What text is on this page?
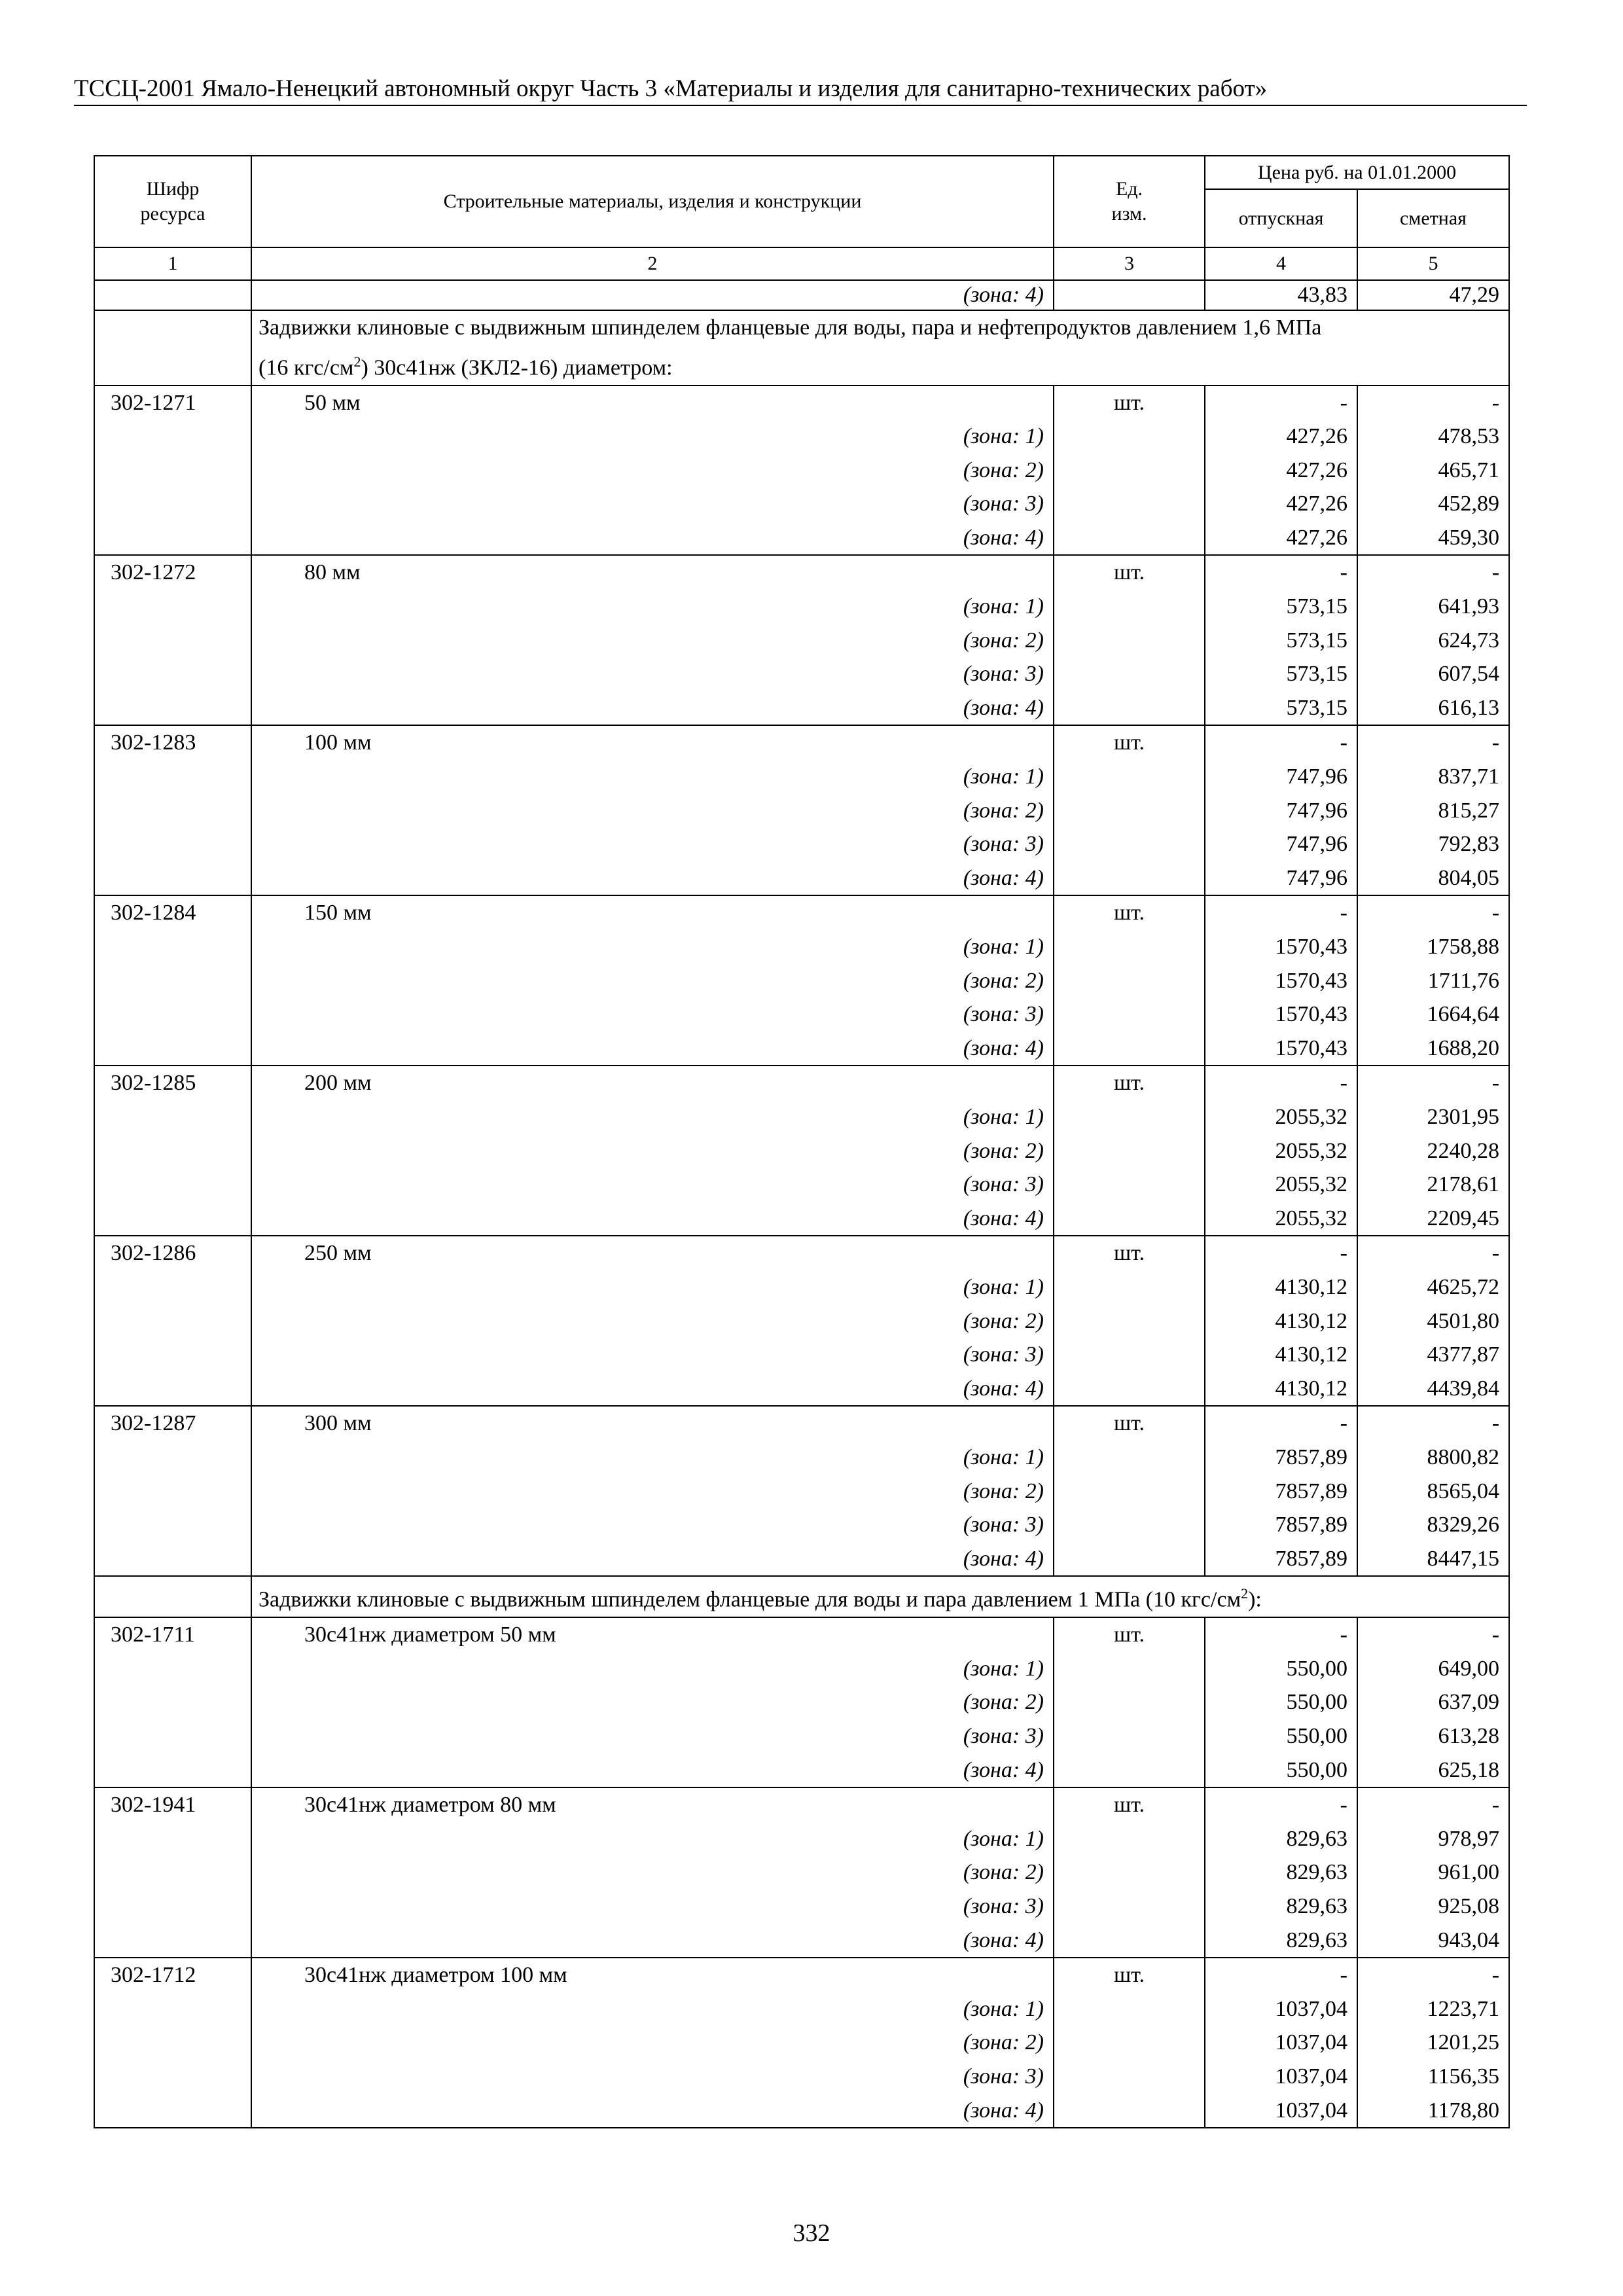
ТССЦ-2001 Ямало-Ненецкий автономный округ Часть 3 «Материалы и изделия для санитарно-технических работ»
Шифр ресурса	Строительные материалы, изделия и конструкции	Ед. изм.	Цена руб. на 01.01.2000	
			отпускная	сметная
1	2	3	4	5
	(зона: 4)		43,83	47,29
	Задвижки клиновые с выдвижным шпинделем фланцевые для воды, пара и нефтепродуктов давлением 1,6 МПа
(16 кгс/$см^2$) 30с41нж (ЗКЛ2-16) диаметром:			
302-1271	50 мм	шт.	-	-
	(зона: 1)		427,26	478,53
	(зона: 2)		427,26	465,71
	(зона: 3)		427,26	452,89
	(зона: 4)		427,26	459,30
302-1272	80 мм	шт.	-	-
	(зона: 1)		573,15	641,93
	(зона: 2)		573,15	624,73
	(зона: 3)		573,15	607,54
	(зона: 4)		573,15	616,13
302-1283	100 мм	шт.	-	-
	(зона: 1)		747,96	837,71
	(зона: 2)		747,96	815,27
	(зона: 3)		747,96	792,83
	(зона: 4)		747,96	804,05
302-1284	150 мм	шт.	-	-
	(зона: 1)		1570,43	1758,88
	(зона: 2)		1570,43	1711,76
	(зона: 3)		1570,43	1664,64
	(зона: 4)		1570,43	1688,20
302-1285	200 мм	шт.	-	-
	(зона: 1)		2055,32	2301,95
	(зона: 2)		2055,32	2240,28
	(зона: 3)		2055,32	2178,61
	(зона: 4)		2055,32	2209,45
302-1286	250 мм	шт.	-	-
	(зона: 1)		4130,12	4625,72
	(зона: 2)		4130,12	4501,80
	(зона: 3)		4130,12	4377,87
	(зона: 4)		4130,12	4439,84
302-1287	300 мм	шт.	-	-
	(зона: 1)		7857,89	8800,82
	(зона: 2)		7857,89	8565,04
	(зона: 3)		7857,89	8329,26
	(зона: 4)		7857,89	8447,15
	Задвижки клиновые с выдвижным шпинделем фланцевые для воды и пара давлением 1 МПа (10 кгс/$см^2$):			
302-1711	30с41нж диаметром 50 мм	шт.	-	-
	(зона: 1)		550,00	649,00
	(зона: 2)		550,00	637,09
	(зона: 3)		550,00	613,28
	(зона: 4)		550,00	625,18
302-1941	30с41нж диаметром 80 мм	шт.	-	-
	(зона: 1)		829,63	978,97
	(зона: 2)		829,63	961,00
	(зона: 3)		829,63	925,08
	(зона: 4)		829,63	943,04
302-1712	30с41нж диаметром 100 мм	шт.	-	-
	(зона: 1)		1037,04	1223,71
	(зона: 2)		1037,04	1201,25
	(зона: 3)		1037,04	1156,35
	(зона: 4)		1037,04	1178,80
332
